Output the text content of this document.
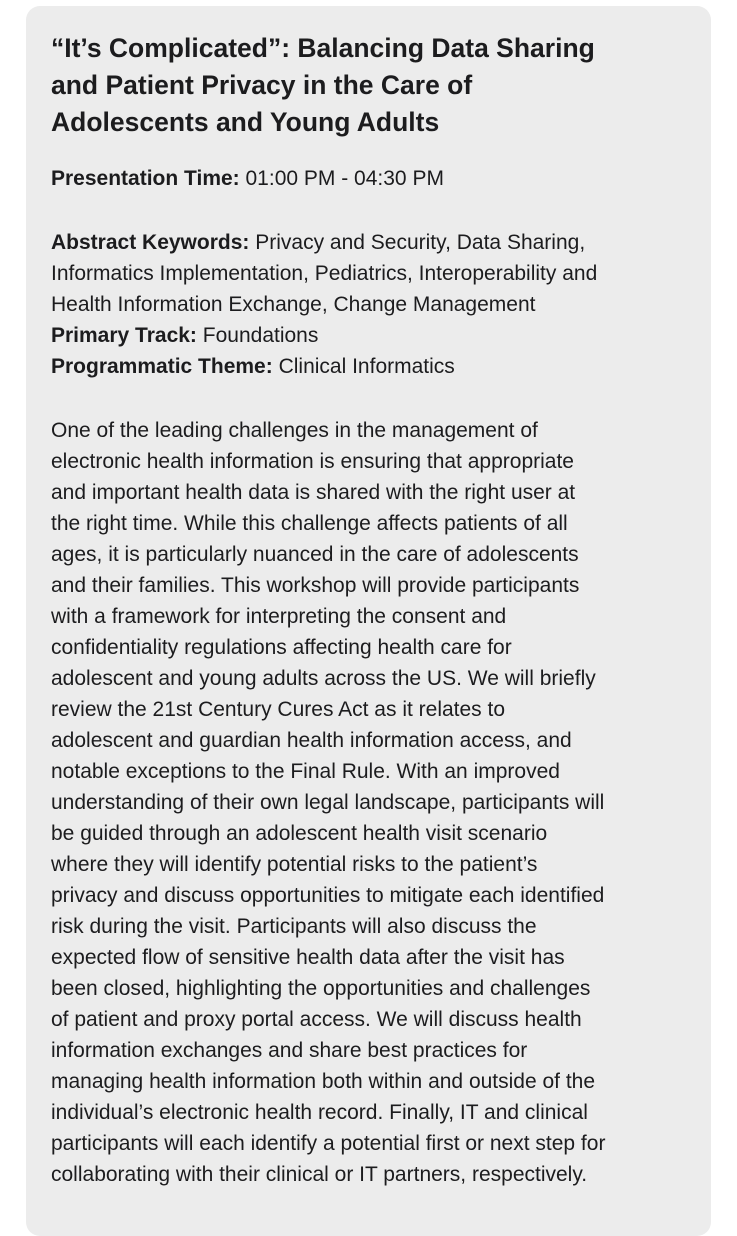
“It’s Complicated”: Balancing Data Sharing
and Patient Privacy in the Care of
Adolescents and Young Adults

Presentation Time: 01:00 PM - 04:30 PM

Abstract Keywords: Privacy and Security, Data Sharing,
Informatics Implementation, Pediatrics, Interoperability and
Health Information Exchange, Change Management
Primary Track: Foundations
Programmatic Theme: Clinical Informatics
One of the leading challenges in the management of
electronic health information is ensuring that appropriate
and important health data is shared with the right user at
the right time. While this challenge affects patients of all
ages, it is particularly nuanced in the care of adolescents
and their families. This workshop will provide participants
with a framework for interpreting the consent and
confidentiality regulations affecting health care for
adolescent and young adults across the US. We will briefly
review the 21st Century Cures Act as it relates to
adolescent and guardian health information access, and
notable exceptions to the Final Rule. With an improved
understanding of their own legal landscape, participants will
be guided through an adolescent health visit scenario
where they will identify potential risks to the patient’s
privacy and discuss opportunities to mitigate each identified
risk during the visit. Participants will also discuss the
expected flow of sensitive health data after the visit has
been closed, highlighting the opportunities and challenges
of patient and proxy portal access. We will discuss health
information exchanges and share best practices for
managing health information both within and outside of the
individual’s electronic health record. Finally, IT and clinical
participants will each identify a potential first or next step for
collaborating with their clinical or IT partners, respectively.
